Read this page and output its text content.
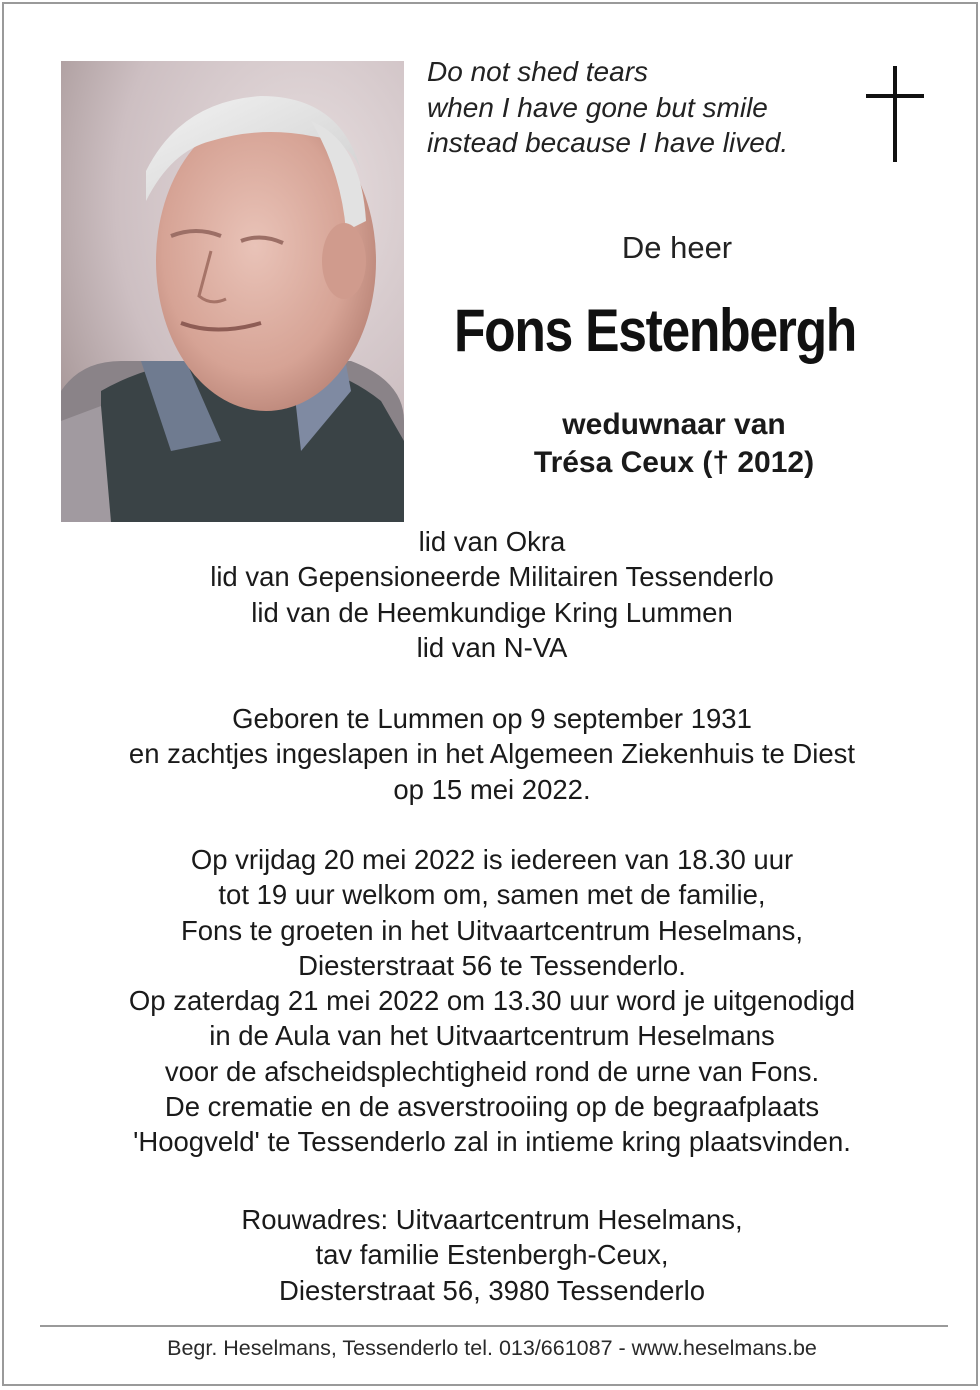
Do not shed tears
when I have gone but smile
instead because I have lived.
De heer
Fons Estenbergh
weduwnaar van
Trésa Ceux († 2012)
lid van Okra
lid van Gepensioneerde Militairen Tessenderlo
lid van de Heemkundige Kring Lummen
lid van N-VA
Geboren te Lummen op 9 september 1931
en zachtjes ingeslapen in het Algemeen Ziekenhuis te Diest
op 15 mei 2022.
Op vrijdag 20 mei 2022 is iedereen van 18.30 uur
tot 19 uur welkom om, samen met de familie,
Fons te groeten in het Uitvaartcentrum Heselmans,
Diesterstraat 56 te Tessenderlo.
Op zaterdag 21 mei 2022 om 13.30 uur word je uitgenodigd
in de Aula van het Uitvaartcentrum Heselmans
voor de afscheidsplechtigheid rond de urne van Fons.
De crematie en de asverstrooiing op de begraafplaats
'Hoogveld' te Tessenderlo zal in intieme kring plaatsvinden.
Rouwadres: Uitvaartcentrum Heselmans,
tav familie Estenbergh-Ceux,
Diesterstraat 56, 3980 Tessenderlo
Begr. Heselmans, Tessenderlo tel. 013/661087 - www.heselmans.be
